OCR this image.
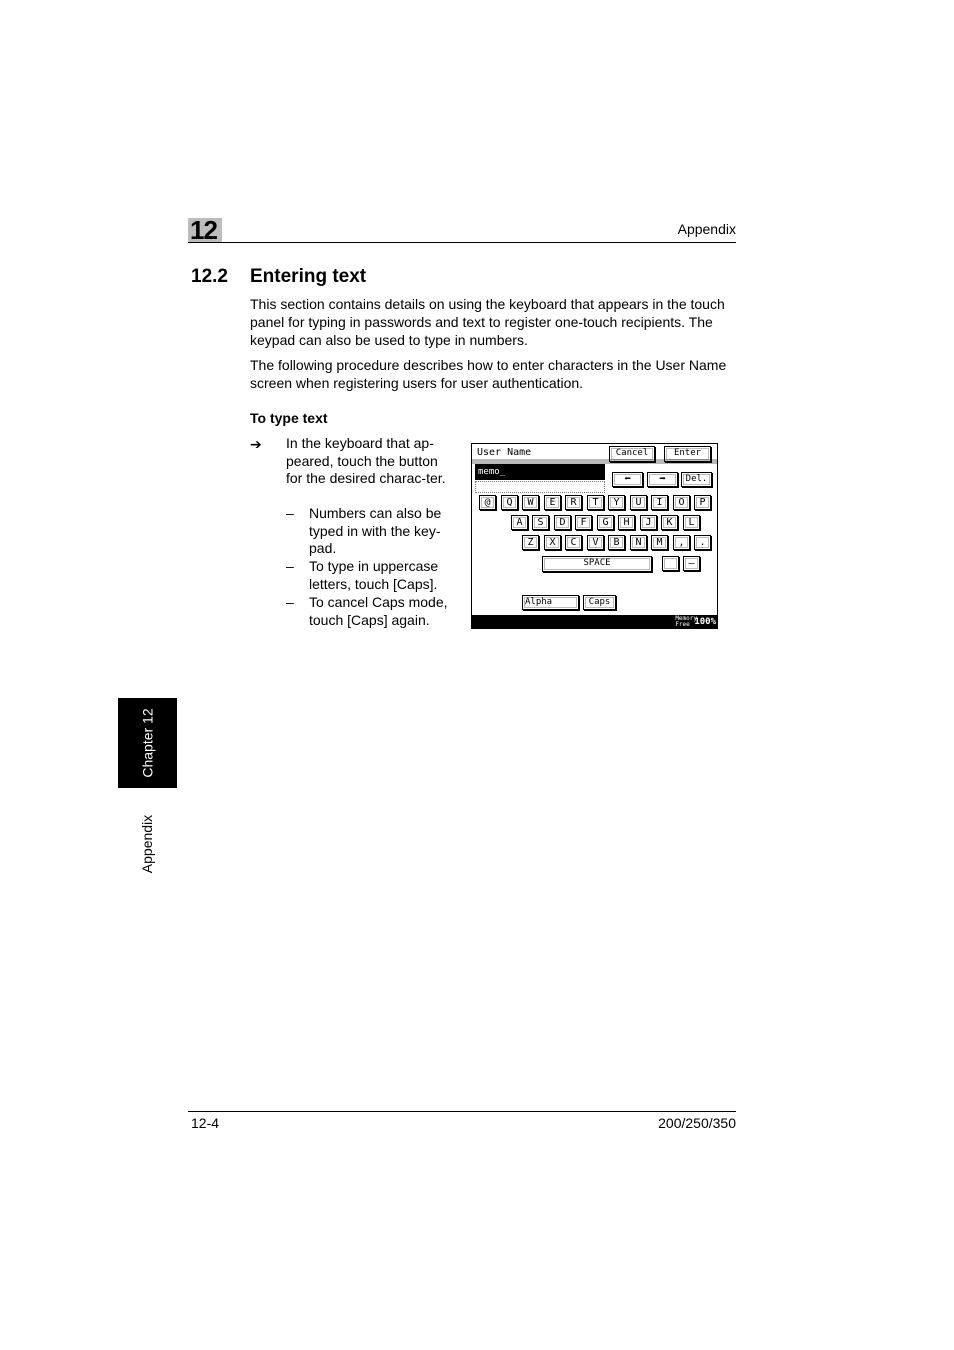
12	Appendix
12.2 Entering text
This section contains details on using the keyboard that appears in the touch panel for typing in passwords and text to register one-touch recipients. The keypad can also be used to type in numbers.
The following procedure describes how to enter characters in the User Name screen when registering users for user authentication.
To type text
➔ In the keyboard that ap-peared, touch the button for the desired charac-ter.
– Numbers can also be typed in with the key-pad.
– To type in uppercase letters, touch [Caps].
– To cancel Caps mode, touch [Caps] again.
User Name	Cancel	Enter
memo_	⬅	➡	Del.
@	Q	W	E	R	T	Y	U	I	O	P
A	S	D	F	G	H	J	K	L
Z	X	C	V	B	N	M	,	.
SPACE	—
Alpha	Caps
Memory
Free 100%
Chapter 12
Appendix
12-4	200/250/350
